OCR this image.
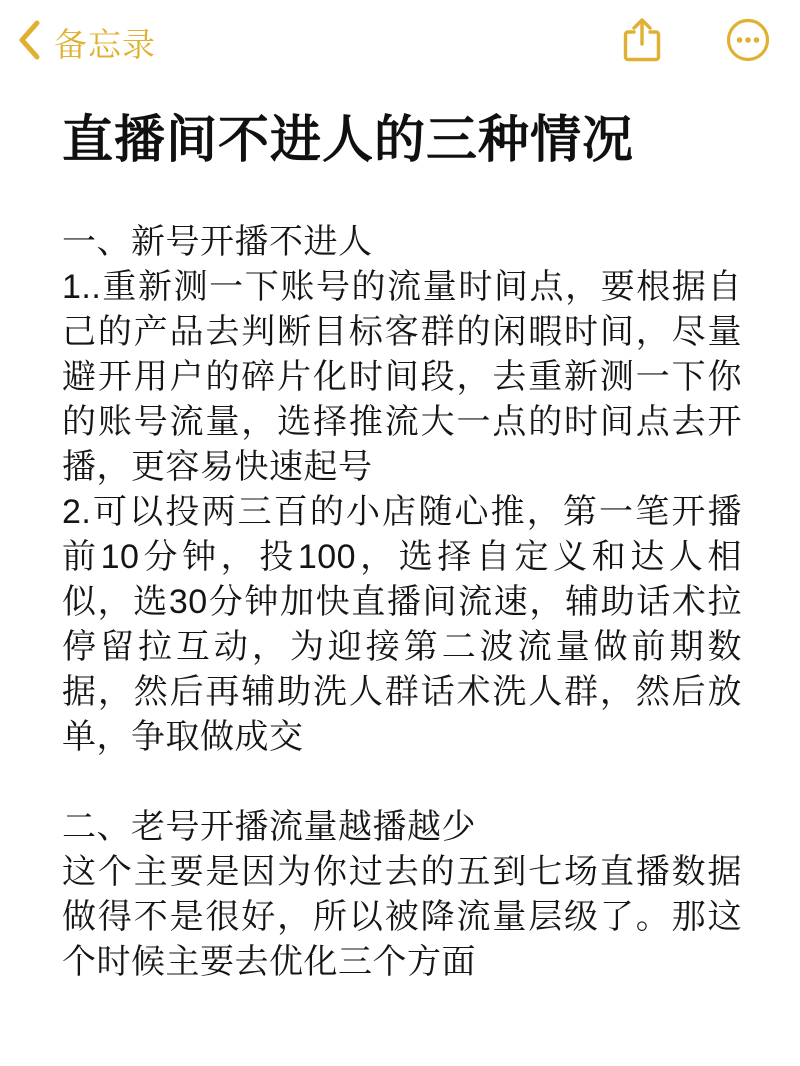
备忘录
直播间不进人的三种情况

一、新号开播不进人

1..重新测一下账号的流量时间点，要根据自己的产品去判断目标客群的闲暇时间，尽量避开用户的碎片化时间段，去重新测一下你的账号流量，选择推流大一点的时间点去开播，更容易快速起号

2.可以投两三百的小店随心推，第一笔开播前10分钟，投100，选择自定义和达人相似，选30分钟加快直播间流速，辅助话术拉停留拉互动，为迎接第二波流量做前期数据，然后再辅助洗人群话术洗人群，然后放单，争取做成交

二、老号开播流量越播越少

这个主要是因为你过去的五到七场直播数据做得不是很好，所以被降流量层级了。那这个时候主要去优化三个方面
